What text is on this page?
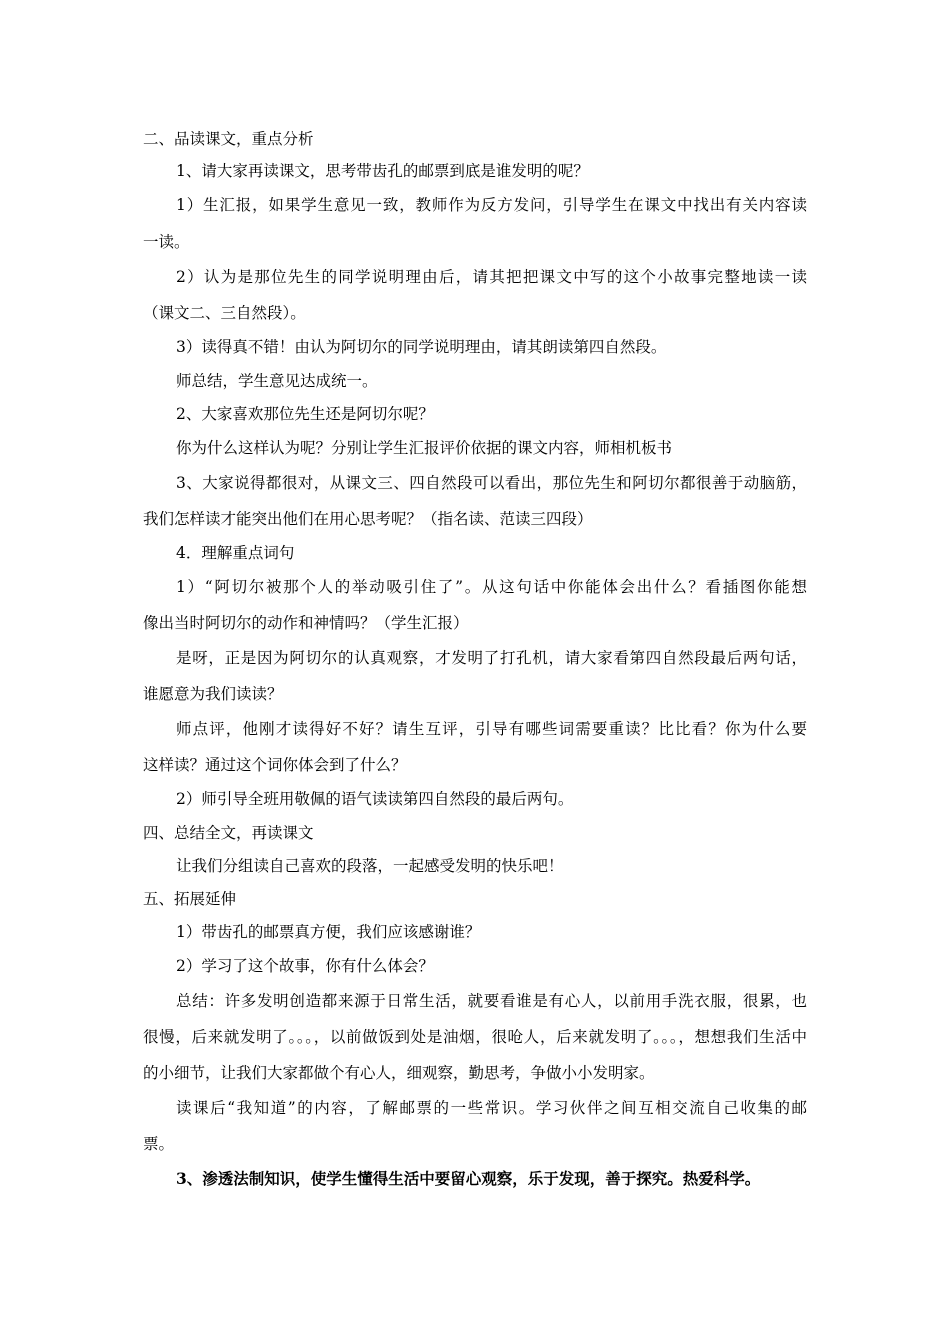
二、品读课文，重点分析
1、请大家再读课文，思考带齿孔的邮票到底是谁发明的呢？
1）生汇报，如果学生意见一致，教师作为反方发问，引导学生在课文中找出有关内容读
一读。
2）认为是那位先生的同学说明理由后，请其把把课文中写的这个小故事完整地读一读
（课文二、三自然段）。
3）读得真不错！由认为阿切尔的同学说明理由，请其朗读第四自然段。
师总结，学生意见达成统一。
2、大家喜欢那位先生还是阿切尔呢？
你为什么这样认为呢？分别让学生汇报评价依据的课文内容，师相机板书
3、大家说得都很对，从课文三、四自然段可以看出，那位先生和阿切尔都很善于动脑筋，
我们怎样读才能突出他们在用心思考呢？（指名读、范读三四段）
4．理解重点词句
1）“阿切尔被那个人的举动吸引住了”。从这句话中你能体会出什么？看插图你能想
像出当时阿切尔的动作和神情吗？（学生汇报）
是呀，正是因为阿切尔的认真观察，才发明了打孔机，请大家看第四自然段最后两句话，
谁愿意为我们读读？
师点评，他刚才读得好不好？请生互评，引导有哪些词需要重读？比比看？你为什么要
这样读？通过这个词你体会到了什么？
2）师引导全班用敬佩的语气读读第四自然段的最后两句。
四、总结全文，再读课文
让我们分组读自己喜欢的段落，一起感受发明的快乐吧！
五、拓展延伸
1）带齿孔的邮票真方便，我们应该感谢谁？
2）学习了这个故事，你有什么体会？
总结：许多发明创造都来源于日常生活，就要看谁是有心人，以前用手洗衣服，很累，也
很慢，后来就发明了。。。，以前做饭到处是油烟，很呛人，后来就发明了。。。，想想我们生活中
的小细节，让我们大家都做个有心人，细观察，勤思考，争做小小发明家。
读课后“我知道”的内容，了解邮票的一些常识。学习伙伴之间互相交流自己收集的邮
票。
3、渗透法制知识，使学生懂得生活中要留心观察，乐于发现，善于探究。热爱科学。
